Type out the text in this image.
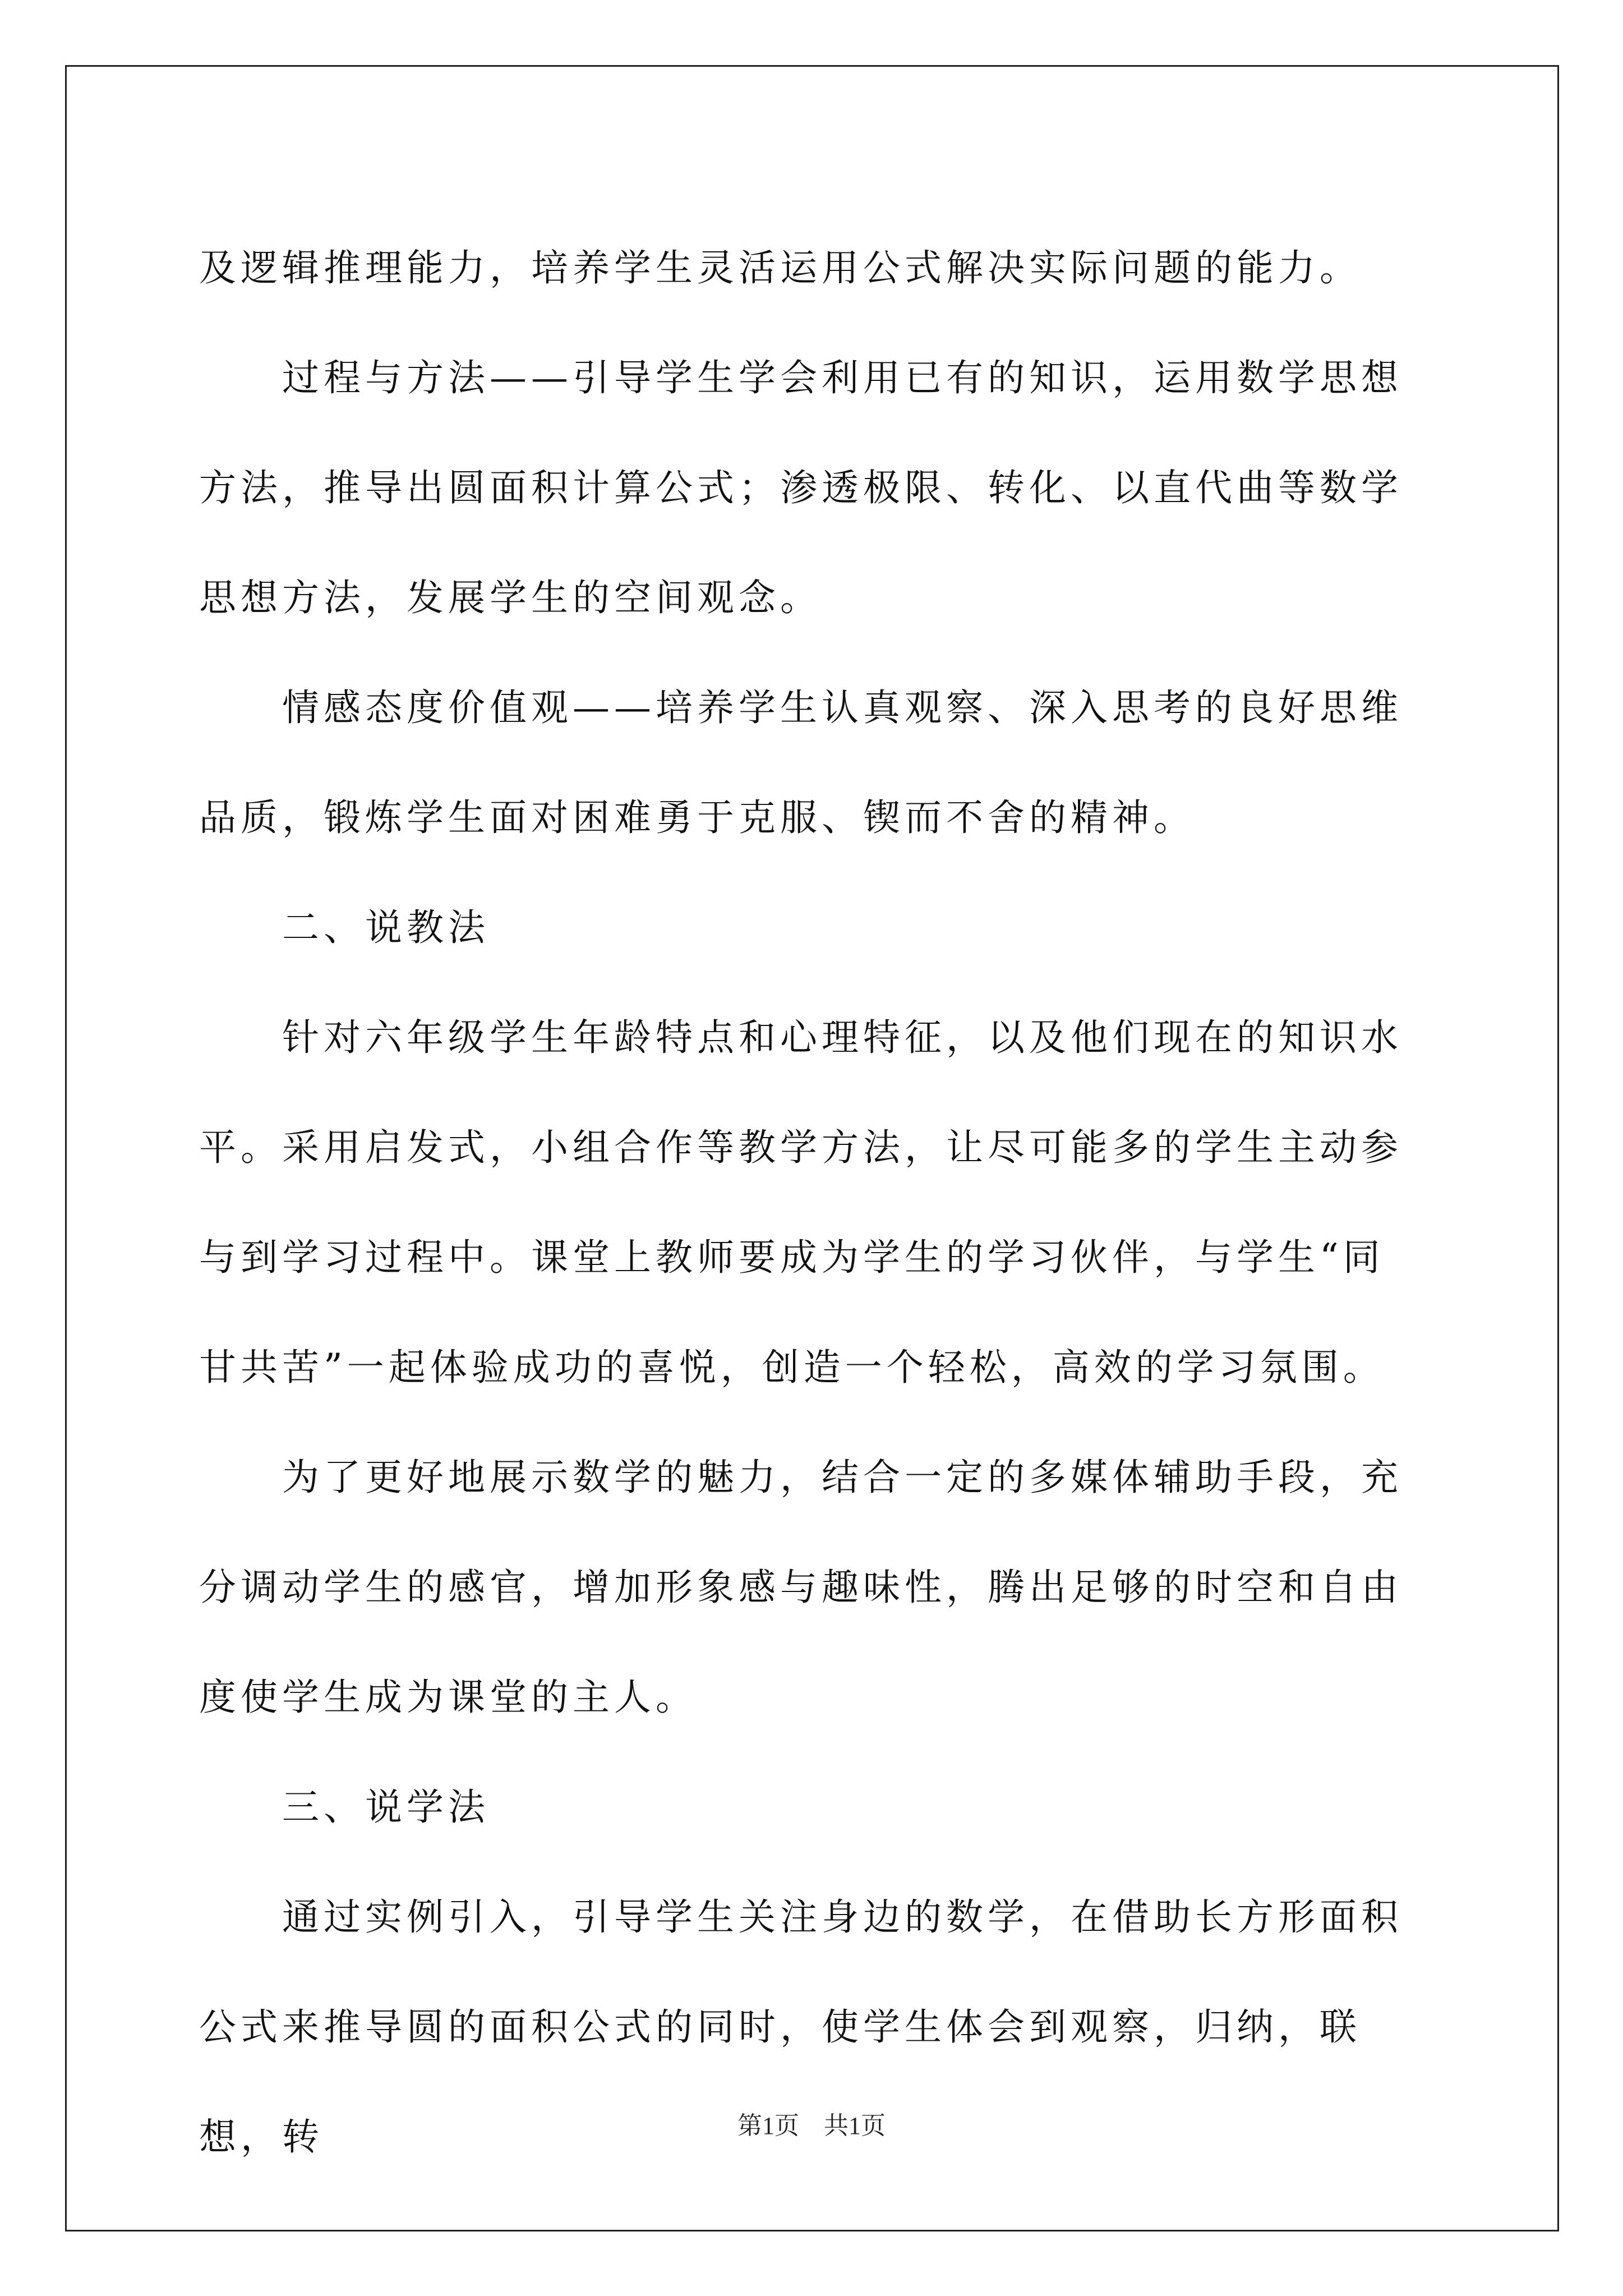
及逻辑推理能力，培养学生灵活运用公式解决实际问题的能力。

过程与方法——引导学生学会利用已有的知识，运用数学思想方法，推导出圆面积计算公式；渗透极限、转化、以直代曲等数学思想方法，发展学生的空间观念。

情感态度价值观——培养学生认真观察、深入思考的良好思维品质，锻炼学生面对困难勇于克服、锲而不舍的精神。

二、说教法

针对六年级学生年龄特点和心理特征，以及他们现在的知识水平。采用启发式，小组合作等教学方法，让尽可能多的学生主动参与到学习过程中。课堂上教师要成为学生的学习伙伴，与学生“同甘共苦”一起体验成功的喜悦，创造一个轻松，高效的学习氛围。

为了更好地展示数学的魅力，结合一定的多媒体辅助手段，充分调动学生的感官，增加形象感与趣味性，腾出足够的时空和自由度使学生成为课堂的主人。

三、说学法

通过实例引入，引导学生关注身边的数学，在借助长方形面积公式来推导圆的面积公式的同时，使学生体会到观察，归纳，联想，转	第1页　共1页
